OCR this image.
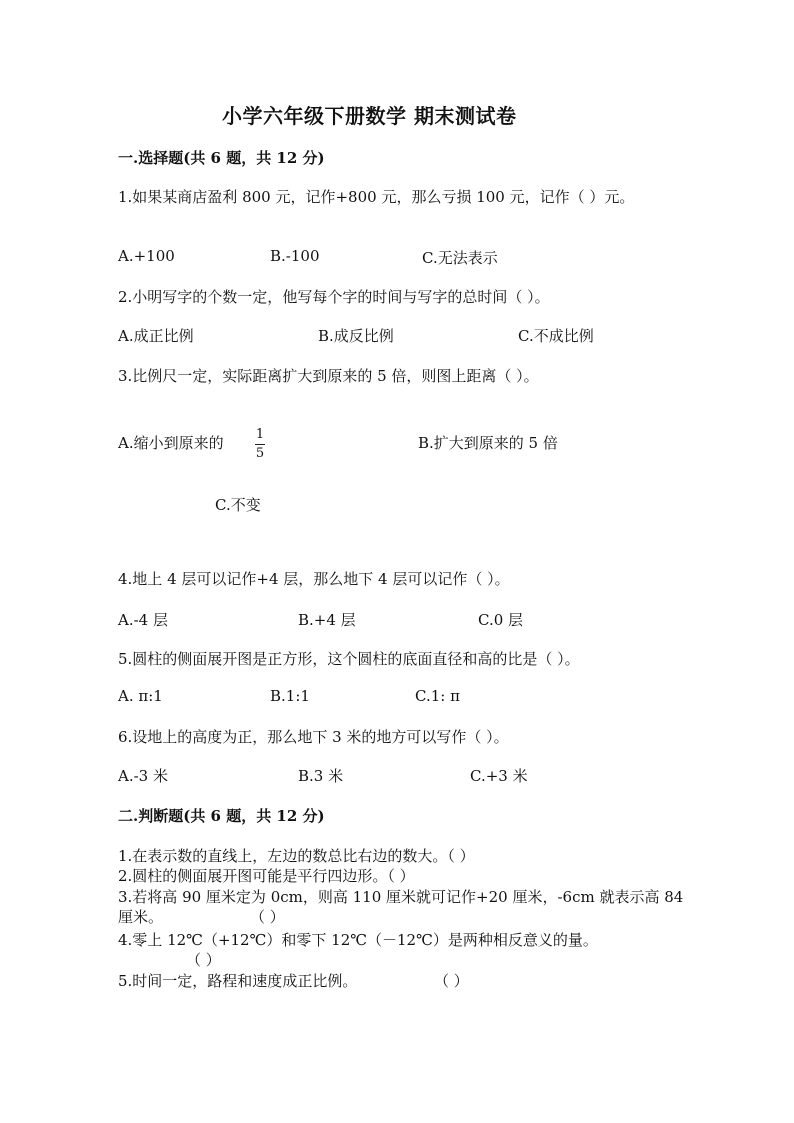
小学六年级下册数学 期末测试卷
一.选择题(共 6 题，共 12 分)
1.如果某商店盈利 800 元，记作+800 元，那么亏损 100 元，记作（ ）元。
A.+100	B.-100	C.无法表示
2.小明写字的个数一定，他写每个字的时间与写字的总时间（ ）。
A.成正比例	B.成反比例	C.不成比例
3.比例尺一定，实际距离扩大到原来的 5 倍，则图上距离（ ）。
A.缩小到原来的 1
5
B.扩大到原来的 5 倍
C.不变
4.地上 4 层可以记作+4 层，那么地下 4 层可以记作（ ）。
A.-4 层	B.+4 层	C.0 层
5.圆柱的侧面展开图是正方形，这个圆柱的底面直径和高的比是（ ）。
A. π:1	B.1:1	C.1: π
6.设地上的高度为正，那么地下 3 米的地方可以写作（ ）。
A.-3 米	B.3 米	C.+3 米
二.判断题(共 6 题，共 12 分)
1.在表示数的直线上，左边的数总比右边的数大。（ ）
2.圆柱的侧面展开图可能是平行四边形。（ ）
3.若将高 90 厘米定为 0cm，则高 110 厘米就可记作+20 厘米，-6cm 就表示高 84
厘米。	（ ）
4.零上 12℃（+12℃）和零下 12℃（－12℃）是两种相反意义的量。
（ ）
5.时间一定，路程和速度成正比例。	（ ）
